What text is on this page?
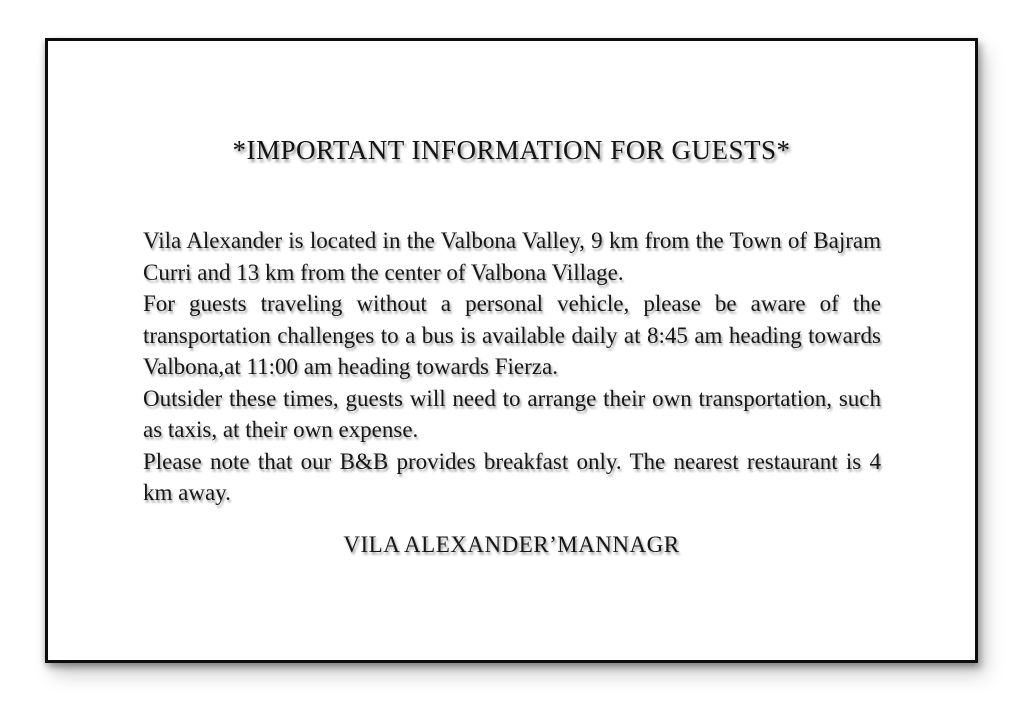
*IMPORTANT INFORMATION FOR GUESTS*

Vila Alexander is located in the Valbona Valley, 9 km from the Town of Bajram Curri and 13 km from the center of Valbona Village.

For guests traveling without a personal vehicle, please be aware of the transportation challenges to a bus is available daily at 8:45 am heading towards Valbona,at 11:00 am heading towards Fierza.

Outsider these times, guests will need to arrange their own transportation, such as taxis, at their own expense.

Please note that our B&B provides breakfast only. The nearest restaurant is 4 km away.

VILA ALEXANDER’MANNAGR
